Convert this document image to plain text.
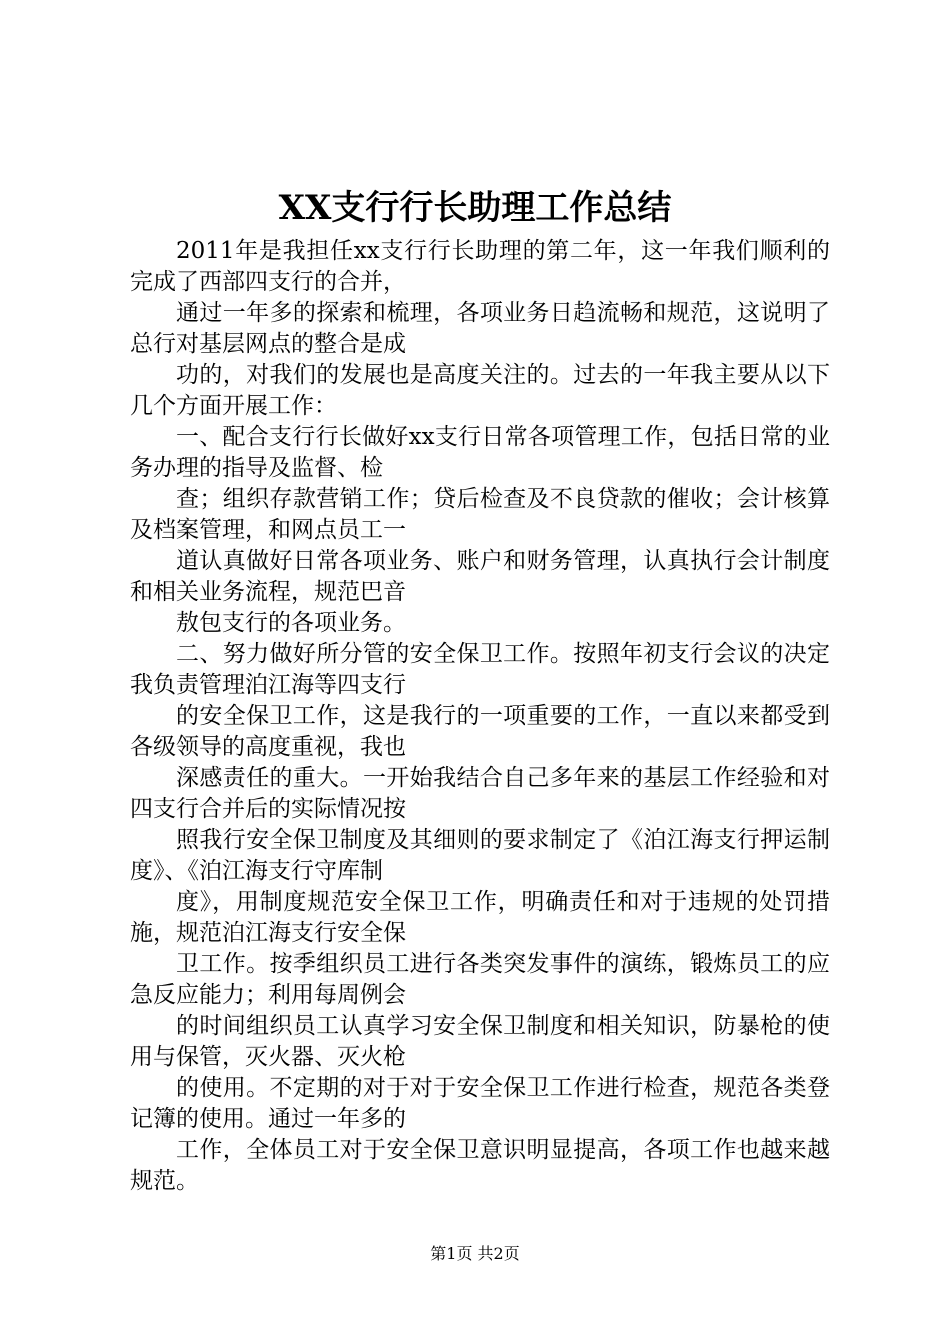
XX支行行长助理工作总结

2011年是我担任xx支行行长助理的第二年，这一年我们顺利的完成了西部四支行的合并，

通过一年多的探索和梳理，各项业务日趋流畅和规范，这说明了总行对基层网点的整合是成

功的，对我们的发展也是高度关注的。过去的一年我主要从以下几个方面开展工作：

一、配合支行行长做好xx支行日常各项管理工作，包括日常的业务办理的指导及监督、检

查；组织存款营销工作；贷后检查及不良贷款的催收；会计核算及档案管理，和网点员工一

道认真做好日常各项业务、账户和财务管理，认真执行会计制度和相关业务流程，规范巴音

敖包支行的各项业务。

二、努力做好所分管的安全保卫工作。按照年初支行会议的决定我负责管理泊江海等四支行

的安全保卫工作，这是我行的一项重要的工作，一直以来都受到各级领导的高度重视，我也

深感责任的重大。一开始我结合自己多年来的基层工作经验和对四支行合并后的实际情况按

照我行安全保卫制度及其细则的要求制定了《泊江海支行押运制度》、《泊江海支行守库制

度》，用制度规范安全保卫工作，明确责任和对于违规的处罚措施，规范泊江海支行安全保

卫工作。按季组织员工进行各类突发事件的演练，锻炼员工的应急反应能力；利用每周例会

的时间组织员工认真学习安全保卫制度和相关知识，防暴枪的使用与保管，灭火器、灭火枪

的使用。不定期的对于对于安全保卫工作进行检查，规范各类登记簿的使用。通过一年多的

工作，全体员工对于安全保卫意识明显提高，各项工作也越来越规范。

第1页 共2页
